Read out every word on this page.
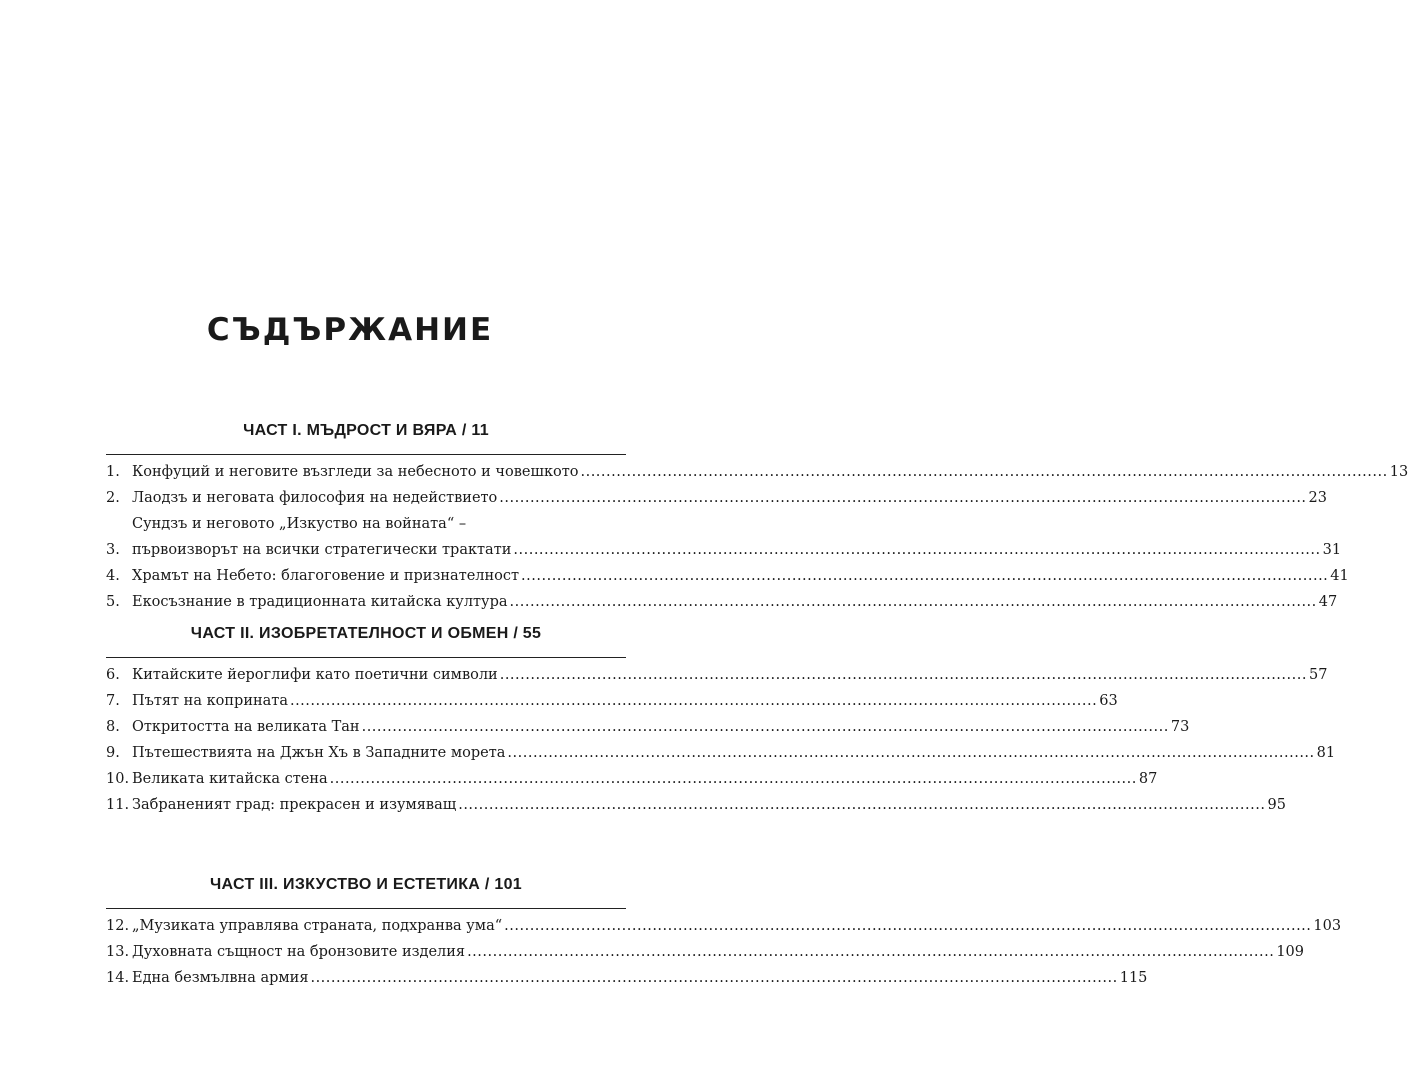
СЪДЪРЖАНИЕ
ЧАСТ I. МЪДРОСТ И ВЯРА / 11
1. Конфуций и неговите възгледи за небесното и човешкото .....	13
2. Лаодзъ и неговата философия на недействието .....	23
3.
Сундзъ и неговото „Изкуство на войната“ –
първоизворът на всички стратегически трактати .....	31
4. Храмът на Небето: благоговение и признателност .....	41
5. Екосъзнание в традиционната китайска култура .....	47
ЧАСТ II. ИЗОБРЕТАТЕЛНОСТ И ОБМЕН / 55
6. Китайските йероглифи като поетични символи .....	57
7. Пътят на коприната .....	63
8. Откритостта на великата Тан .....	73
9. Пътешествията на Джън Хъ в Западните морета .....	81
10. Великата китайска стена .....	87
11. Забраненият град: прекрасен и изумяващ .....	95
ЧАСТ III. ИЗКУСТВО И ЕСТЕТИКА / 101
12. „Музиката управлява страната, подхранва ума“ .....	103
13. Духовната същност на бронзовите изделия .....	109
14. Една безмълвна армия .....	115
